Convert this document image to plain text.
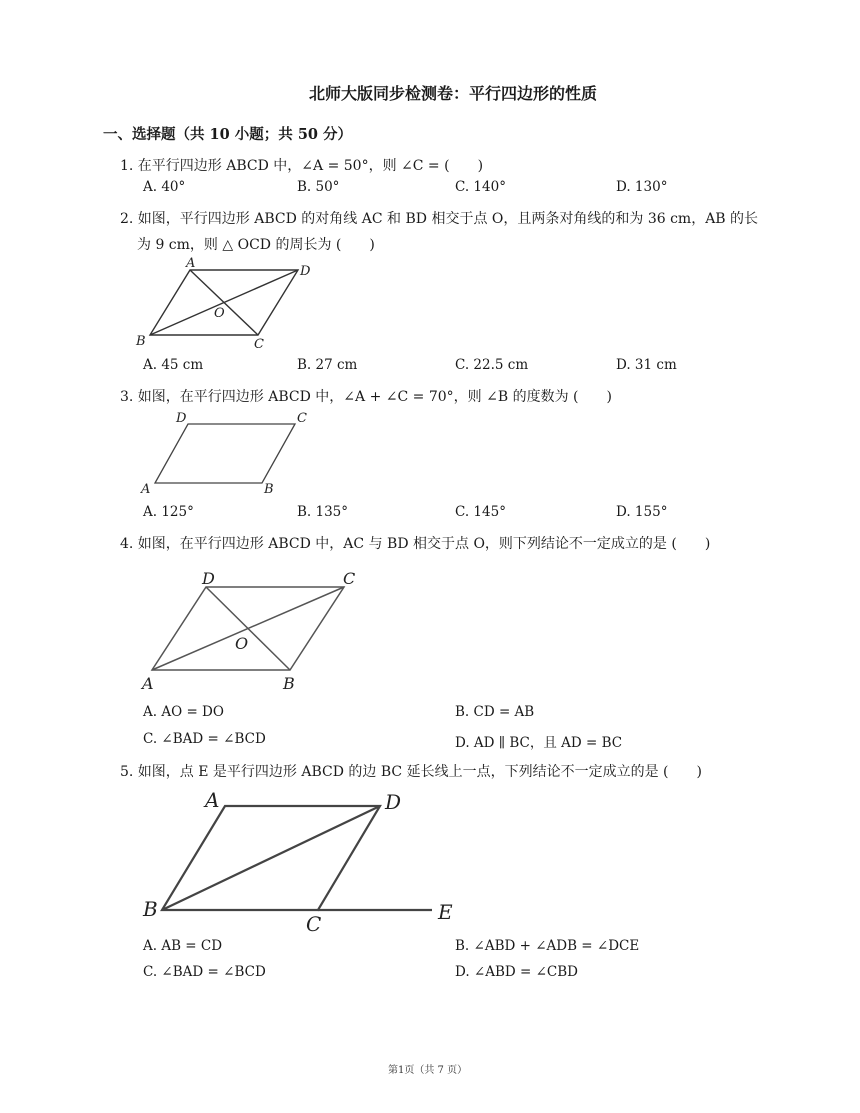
北师大版同步检测卷：平行四边形的性质
一、选择题（共 10 小题；共 50 分）
1. 在平行四边形 ABCD 中，∠A = 50°，则 ∠C = (　　)
A. 40°	B. 50°	C. 140°	D. 130°
2. 如图，平行四边形 ABCD 的对角线 AC 和 BD 相交于点 O，且两条对角线的和为 36 cm，AB 的长
为 9 cm，则 △ OCD 的周长为 (　　)
A
D
O
B	C
A. 45 cm	B. 27 cm	C. 22.5 cm	D. 31 cm
3. 如图，在平行四边形 ABCD 中，∠A + ∠C = 70°，则 ∠B 的度数为 (　　)
D	C
A	B
A. 125°	B. 135°	C. 145°	D. 155°
4. 如图，在平行四边形 ABCD 中，AC 与 BD 相交于点 O，则下列结论不一定成立的是 (　　)
D	C
O
A	B
A. AO = DO	B. CD = AB
C. ∠BAD = ∠BCD	D. AD ∥ BC，且 AD = BC
5. 如图，点 E 是平行四边形 ABCD 的边 BC 延长线上一点，下列结论不一定成立的是 (　　)
A	D
B
C	E
A. AB = CD	B. ∠ABD + ∠ADB = ∠DCE
C. ∠BAD = ∠BCD	D. ∠ABD = ∠CBD
第1页（共 7 页）
